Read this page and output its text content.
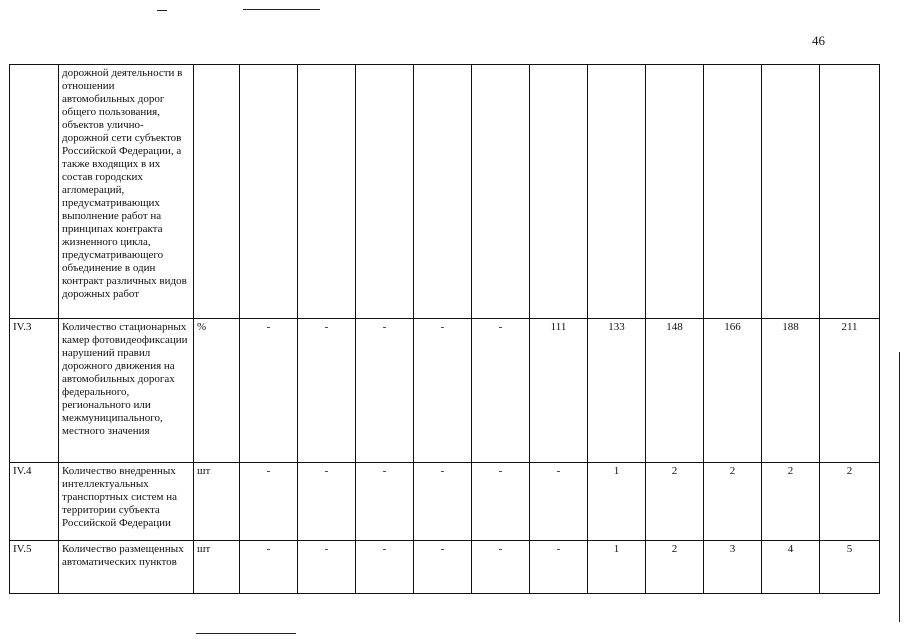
46
	дорожной деятельности в отношении автомобильных дорог общего пользования, объектов улично-дорожной сети субъектов Российской Федерации, а также входящих в их состав городских агломераций, предусматривающих выполнение работ на принципах контракта жизненного цикла, предусматривающего объединение в один контракт различных видов дорожных работ												
IV.3	Количество стационарных камер фотовидеофиксации нарушений правил дорожного движения на автомобильных дорогах федерального, регионального или межмуниципального, местного значения	%	-	-	-	-	-	111	133	148	166	188	211
IV.4	Количество внедренных интеллектуальных транспортных систем на территории субъекта Российской Федерации	шт	-	-	-	-	-	-	1	2	2	2	2
IV.5	Количество размещенных автоматических пунктов	шт	-	-	-	-	-	-	1	2	3	4	5
